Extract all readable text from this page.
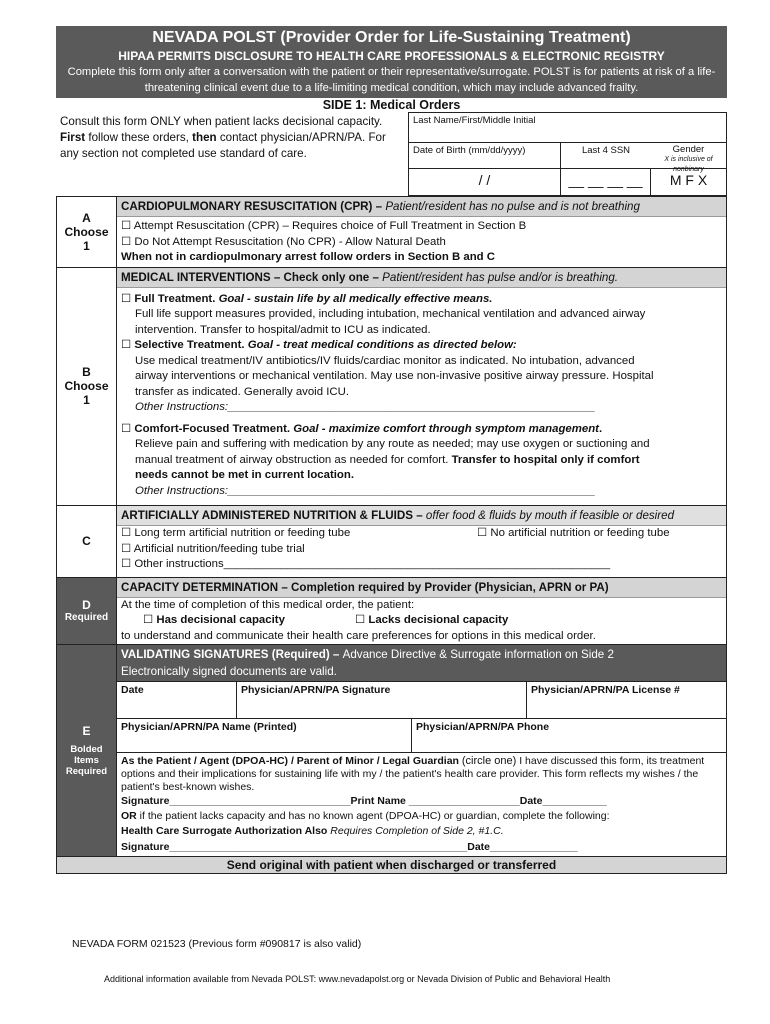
NEVADA POLST (Provider Order for Life-Sustaining Treatment)
HIPAA PERMITS DISCLOSURE TO HEALTH CARE PROFESSIONALS & ELECTRONIC REGISTRY
Complete this form only after a conversation with the patient or their representative/surrogate. POLST is for patients at risk of a life-threatening clinical event due to a life-limiting medical condition, which may include advanced frailty.
SIDE 1: Medical Orders
Consult this form ONLY when patient lacks decisional capacity. First follow these orders, then contact physician/APRN/PA. For any section not completed use standard of care.
Last Name/First/Middle Initial
Date of Birth (mm/dd/yyyy)	Last 4 SSN	Gender
X is inclusive of nonbinary
/ /	__ __ __ __	M F X
A
Choose
1
CARDIOPULMONARY RESUSCITATION (CPR) – Patient/resident has no pulse and is not breathing
☐ Attempt Resuscitation (CPR) – Requires choice of Full Treatment in Section B
☐ Do Not Attempt Resuscitation (No CPR) - Allow Natural Death
When not in cardiopulmonary arrest follow orders in Section B and C
B
Choose
1
MEDICAL INTERVENTIONS – Check only one – Patient/resident has pulse and/or is breathing.
☐ Full Treatment. Goal - sustain life by all medically effective means.
Full life support measures provided, including intubation, mechanical ventilation and advanced airway
intervention. Transfer to hospital/admit to ICU as indicated.
☐ Selective Treatment. Goal - treat medical conditions as directed below:
Use medical treatment/IV antibiotics/IV fluids/cardiac monitor as indicated. No intubation, advanced
airway interventions or mechanical ventilation. May use non-invasive positive airway pressure. Hospital
transfer as indicated. Generally avoid ICU.
Other Instructions:__________________________________________________________
☐ Comfort-Focused Treatment. Goal - maximize comfort through symptom management.
Relieve pain and suffering with medication by any route as needed; may use oxygen or suctioning and
manual treatment of airway obstruction as needed for comfort. Transfer to hospital only if comfort
needs cannot be met in current location.
Other Instructions:__________________________________________________________
C
ARTIFICIALLY ADMINISTERED NUTRITION & FLUIDS – offer food & fluids by mouth if feasible or desired
☐ Long term artificial nutrition or feeding tube	☐ No artificial nutrition or feeding tube
☐ Artificial nutrition/feeding tube trial
☐ Other instructions_____________________________________________________________
D
Required
CAPACITY DETERMINATION – Completion required by Provider (Physician, APRN or PA)
At the time of completion of this medical order, the patient:
☐ Has decisional capacity	☐ Lacks decisional capacity
to understand and communicate their health care preferences for options in this medical order.
E
Bolded
Items
Required
VALIDATING SIGNATURES (Required) – Advance Directive & Surrogate information on Side 2
Electronically signed documents are valid.
Date	Physician/APRN/PA Signature	Physician/APRN/PA License #
Physician/APRN/PA Name (Printed)	Physician/APRN/PA Phone
As the Patient / Agent (DPOA-HC) / Parent of Minor / Legal Guardian (circle one) I have discussed this form, its treatment options and their implications for sustaining life with my / the patient's health care provider. This form reflects my wishes / the patient's best-known wishes.
Signature_______________________________Print Name ___________________Date___________
OR if the patient lacks capacity and has no known agent (DPOA-HC) or guardian, complete the following:
Health Care Surrogate Authorization Also Requires Completion of Side 2, #1.C.
Signature___________________________________________________Date_______________
Send original with patient when discharged or transferred
NEVADA FORM 021523 (Previous form #090817 is also valid)
Additional information available from Nevada POLST: www.nevadapolst.org or Nevada Division of Public and Behavioral Health
